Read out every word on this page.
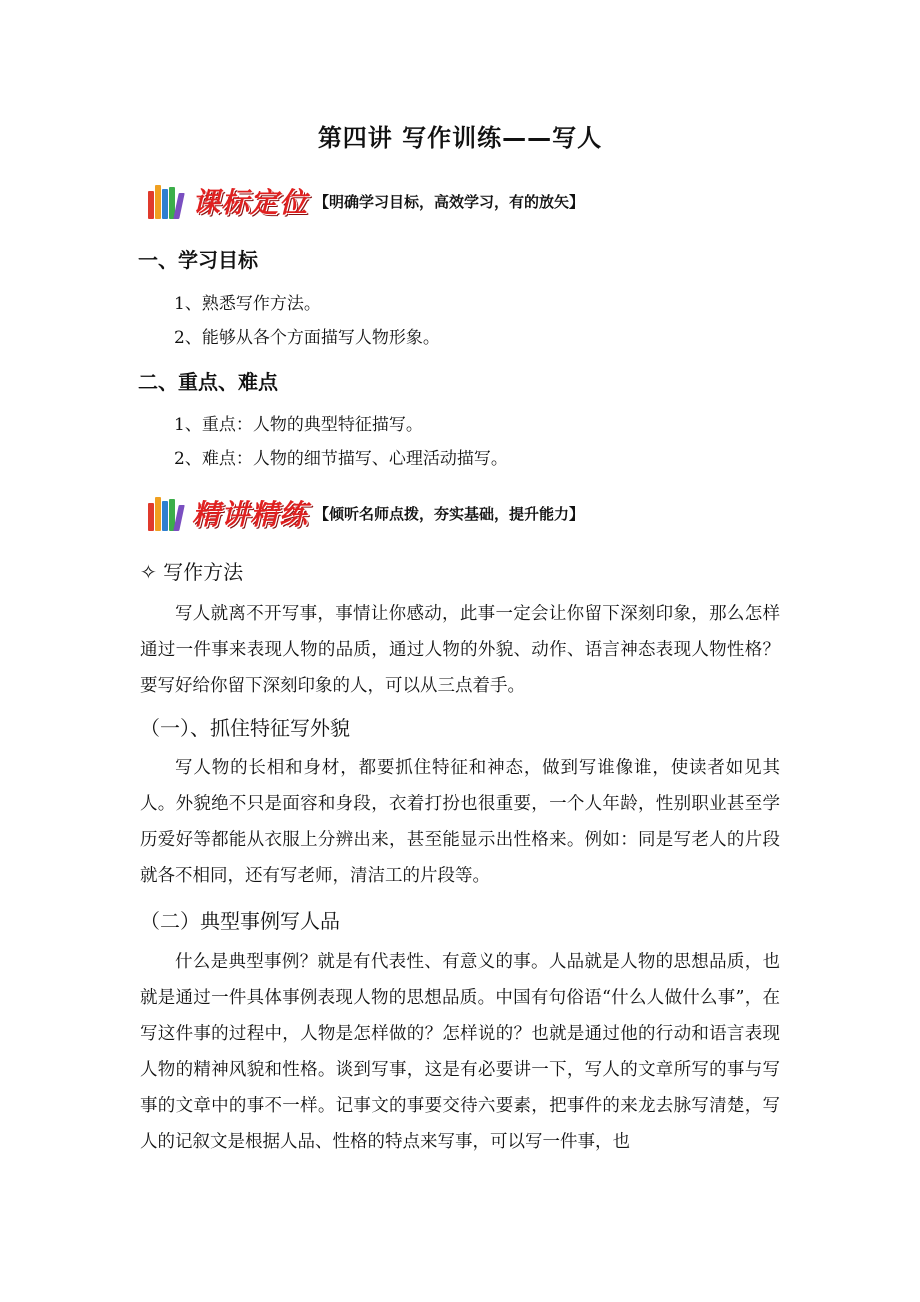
第四讲 写作训练——写人
课标定位 【明确学习目标，高效学习，有的放矢】
一、学习目标
1、熟悉写作方法。
2、能够从各个方面描写人物形象。
二、重点、难点
1、重点：人物的典型特征描写。
2、难点：人物的细节描写、心理活动描写。
精讲精练 【倾听名师点拨，夯实基础，提升能力】
✧ 写作方法
写人就离不开写事，事情让你感动，此事一定会让你留下深刻印象，那么怎样通过一件事来表现人物的品质，通过人物的外貌、动作、语言神态表现人物性格？要写好给你留下深刻印象的人，可以从三点着手。
（一）、抓住特征写外貌
写人物的长相和身材，都要抓住特征和神态，做到写谁像谁，使读者如见其人。外貌绝不只是面容和身段，衣着打扮也很重要，一个人年龄，性别职业甚至学历爱好等都能从衣服上分辨出来，甚至能显示出性格来。例如：同是写老人的片段就各不相同，还有写老师，清洁工的片段等。
（二）典型事例写人品
什么是典型事例？就是有代表性、有意义的事。人品就是人物的思想品质，也就是通过一件具体事例表现人物的思想品质。中国有句俗语“什么人做什么事”，在写这件事的过程中，人物是怎样做的？怎样说的？也就是通过他的行动和语言表现人物的精神风貌和性格。谈到写事，这是有必要讲一下，写人的文章所写的事与写事的文章中的事不一样。记事文的事要交待六要素，把事件的来龙去脉写清楚，写人的记叙文是根据人品、性格的特点来写事，可以写一件事，也
